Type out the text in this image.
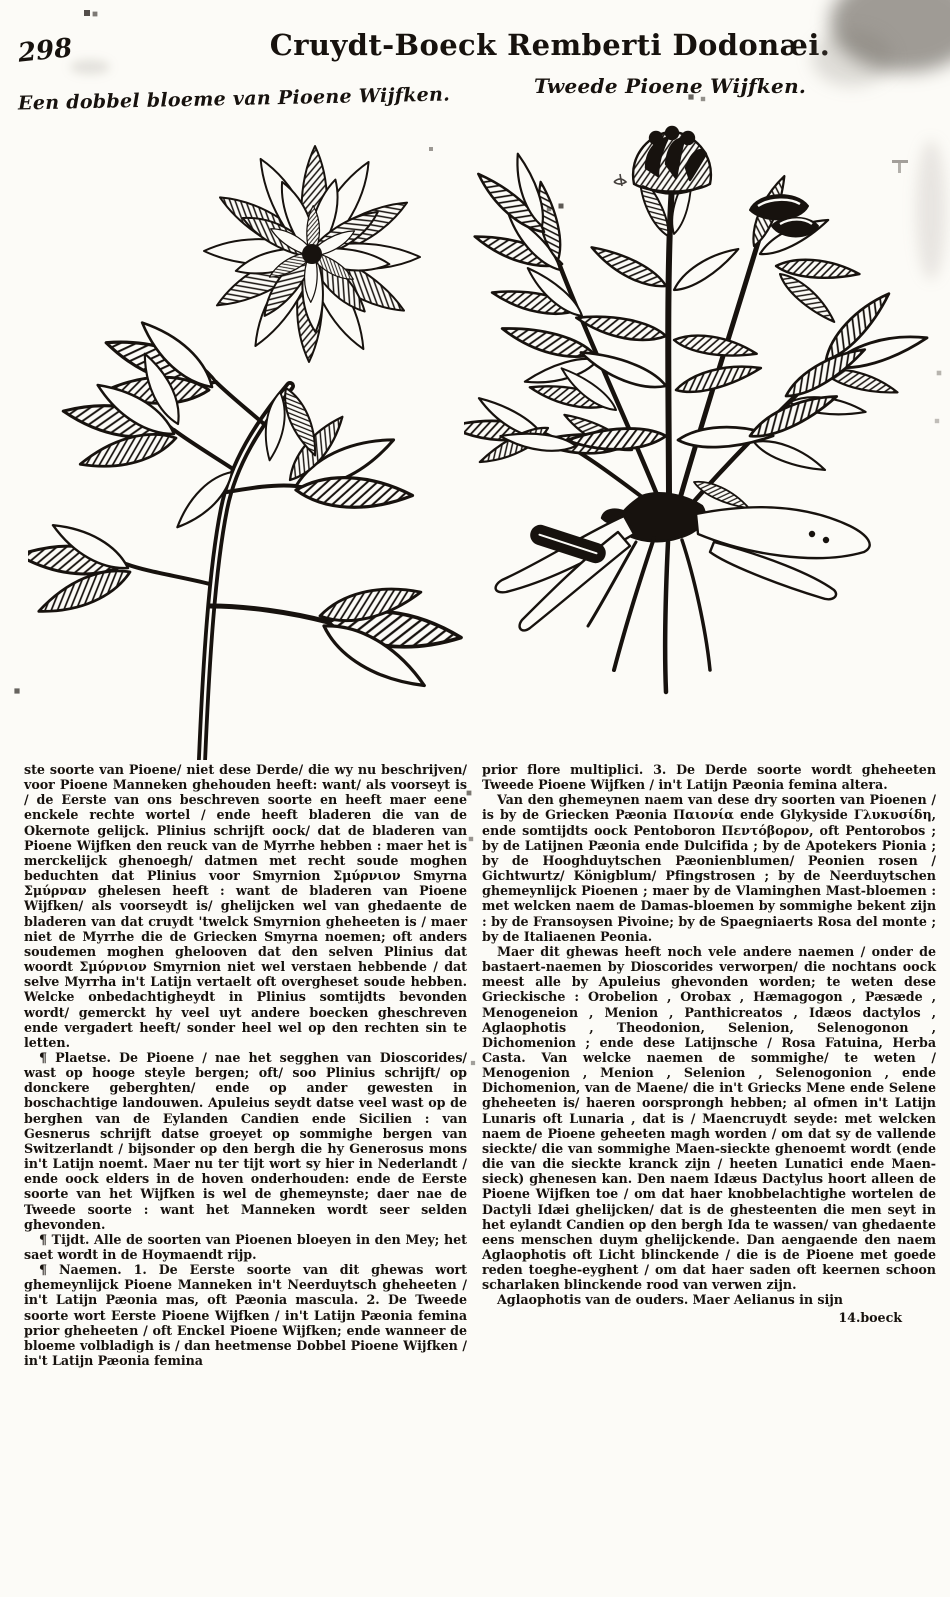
298	Cruydt-Boeck Remberti Dodonæi.
Een dobbel bloeme van Pioene Wijfken.	Tweede Pioene Wijfken.

ste soorte van Pioene/ niet dese Derde/ die wy nu beschrijven/ voor Pioene Manneken ghehouden heeft: want/ als voorseyt is / de Eerste van ons beschreven soorte en heeft maer eene enckele rechte wortel / ende heeft bladeren die van de Okernote gelijck. Plinius schrijft oock/ dat de bladeren van Pioene Wijfken den reuck van de Myrrhe hebben : maer het is merckelijck ghenoegh/ datmen met recht soude moghen beduchten dat Plinius voor Smyrnion Σμύρνιον Smyrna Σμύρναν ghelesen heeft : want de bladeren van Pioene Wijfken/ als voorseydt is/ ghelijcken wel van ghedaente de bladeren van dat cruydt 'twelck Smyrnion gheheeten is / maer niet de Myrrhe die de Griecken Smyrna noemen; oft anders soudemen moghen ghelooven dat den selven Plinius dat woordt Σμύρνιον Smyrnion niet wel verstaen hebbende / dat selve Myrrha in't Latijn vertaelt oft overgheset soude hebben. Welcke onbedachtigheydt in Plinius somtijdts bevonden wordt/ gemerckt hy veel uyt andere boecken gheschreven ende vergadert heeft/ sonder heel wel op den rechten sin te letten.

¶ Plaetse. De Pioene / nae het segghen van Dioscorides/ wast op hooge steyle bergen; oft/ soo Plinius schrijft/ op donckere geberghten/ ende op ander gewesten in boschachtige landouwen. Apuleius seydt datse veel wast op de berghen van de Eylanden Candien ende Sicilien : van Gesnerus schrijft datse groeyet op sommighe bergen van Switzerlandt / bijsonder op den bergh die hy Generosus mons in't Latijn noemt. Maer nu ter tijt wort sy hier in Nederlandt / ende oock elders in de hoven onderhouden: ende de Eerste soorte van het Wijfken is wel de ghemeynste; daer nae de Tweede soorte : want het Manneken wordt seer selden ghevonden.

¶ Tijdt. Alle de soorten van Pioenen bloeyen in den Mey; het saet wordt in de Hoymaendt rijp.

¶ Naemen. 1. De Eerste soorte van dit ghewas wort ghemeynlijck Pioene Manneken in't Neerduytsch gheheeten / in't Latijn Pæonia mas, oft Pæonia mascula. 2. De Tweede soorte wort Eerste Pioene Wijfken / in't Latijn Pæonia femina prior gheheeten / oft Enckel Pioene Wijfken; ende wanneer de bloeme volbladigh is / dan heetmense Dobbel Pioene Wijfken / in't Latijn Pæonia femina

prior flore multiplici. 3. De Derde soorte wordt gheheeten Tweede Pioene Wijfken / in't Latijn Pæonia femina altera.

Van den ghemeynen naem van dese dry soorten van Pioenen / is by de Griecken Pæonia Παιονία ende Glykyside Γλυκυσίδη, ende somtijdts oock Pentoboron Πεντόβορον, oft Pentorobos ; by de Latijnen Pæonia ende Dulcifida ; by de Apotekers Pionia ; by de Hooghduytschen Pæonienblumen/ Peonien rosen / Gichtwurtz/ Königblum/ Pfingstrosen ; by de Neerduytschen ghemeynlijck Pioenen ; maer by de Vlaminghen Mast-bloemen : met welcken naem de Damas-bloemen by sommighe bekent zijn : by de Fransoysen Pivoine; by de Spaegniaerts Rosa del monte ; by de Italiaenen Peonia.

Maer dit ghewas heeft noch vele andere naemen / onder de bastaert-naemen by Dioscorides verworpen/ die nochtans oock meest alle by Apuleius ghevonden worden; te weten dese Grieckische : Orobelion , Orobax , Hæmagogon , Pæsæde , Menogeneion , Menion , Panthicreatos , Idæos dactylos , Aglaophotis , Theodonion, Selenion, Selenogonon , Dichomenion ; ende dese Latijnsche / Rosa Fatuina, Herba Casta. Van welcke naemen de sommighe/ te weten / Menogenion , Menion , Selenion , Selenogonion , ende Dichomenion, van de Maene/ die in't Griecks Mene ende Selene gheheeten is/ haeren oorsprongh hebben; al ofmen in't Latijn Lunaris oft Lunaria , dat is / Maencruydt seyde: met welcken naem de Pioene geheeten magh worden / om dat sy de vallende sieckte/ die van sommighe Maen-sieckte ghenoemt wordt (ende die van die sieckte kranck zijn / heeten Lunatici ende Maen-sieck) ghenesen kan. Den naem Idæus Dactylus hoort alleen de Pioene Wijfken toe / om dat haer knobbelachtighe wortelen de Dactyli Idæi ghelijcken/ dat is de ghesteenten die men seyt in het eylandt Candien op den bergh Ida te wassen/ van ghedaente eens menschen duym ghelijckende. Dan aengaende den naem Aglaophotis oft Licht blinckende / die is de Pioene met goede reden toeghe-eyghent / om dat haer saden oft keernen schoon scharlaken blinckende rood van verwen zijn.

Aglaophotis van de ouders. Maer Aelianus in sijn

14.boeck
